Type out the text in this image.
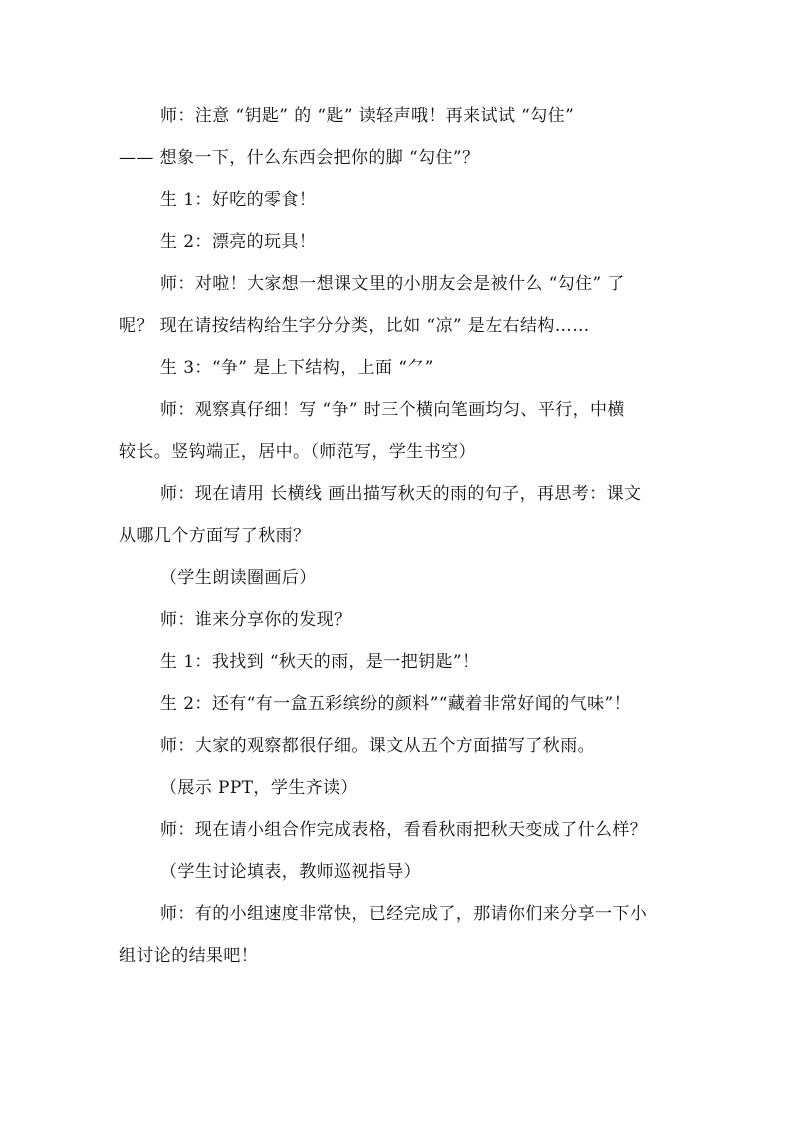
师：注意 “钥匙” 的 “匙” 读轻声哦！再来试试 “勾住”
—— 想象一下，什么东西会把你的脚 “勾住”？
生 1：好吃的零食！
生 2：漂亮的玩具！
师：对啦！大家想一想课文里的小朋友会是被什么 “勾住” 了
呢？ 现在请按结构给生字分分类，比如 “凉” 是左右结构……
生 3：“争” 是上下结构，上面 “⺈”
师：观察真仔细！写 “争” 时三个横向笔画均匀、平行，中横
较长。竖钩端正，居中。（师范写，学生书空）
师：现在请用 长横线 画出描写秋天的雨的句子，再思考：课文
从哪几个方面写了秋雨？
（学生朗读圈画后）
师：谁来分享你的发现？
生 1：我找到 “秋天的雨，是一把钥匙”！
生 2：还有“有一盒五彩缤纷的颜料”“藏着非常好闻的气味”！
师：大家的观察都很仔细。课文从五个方面描写了秋雨。
（展示 PPT，学生齐读）
师：现在请小组合作完成表格，看看秋雨把秋天变成了什么样？
（学生讨论填表，教师巡视指导）
师：有的小组速度非常快，已经完成了，那请你们来分享一下小
组讨论的结果吧！
